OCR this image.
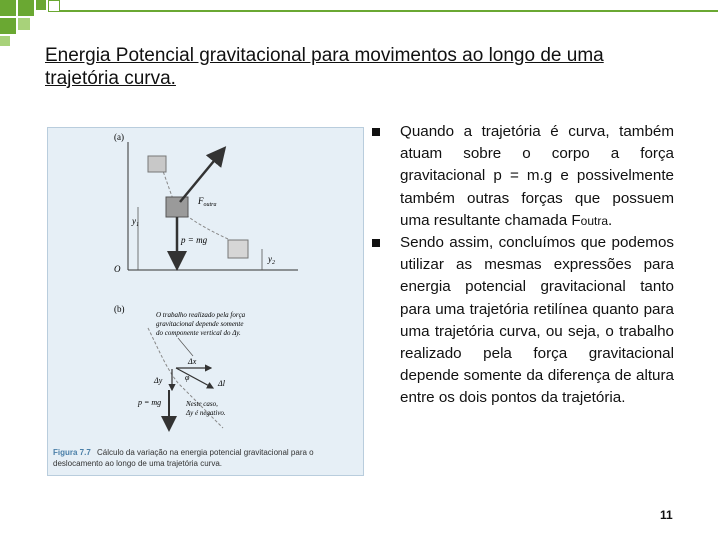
Energia Potencial gravitacional para movimentos ao longo de uma trajetória curva.
(a)
O
$F_{outra}$
p = mg
$y_1$
$y_2$
(b)
O trabalho realizado pela força gravitacional depende somente do componente vertical do Δy.
Δx
Δy	Δl
φ
p = mg	Neste caso, Δy é negativo.
Figura 7.7 Cálculo da variação na energia potencial gravitacional para o
deslocamento ao longo de uma trajetória curva.
Quando a trajetória é curva, também atuam sobre o corpo a força gravitacional p = m.g e possivelmente também outras forças que possuem uma resultante chamada Foutra.
Sendo assim, concluímos que podemos utilizar as mesmas expressões para energia potencial gravitacional tanto para uma trajetória retilínea quanto para uma trajetória curva, ou seja, o trabalho realizado pela força gravitacional depende somente da diferença de altura entre os dois pontos da trajetória.
11
